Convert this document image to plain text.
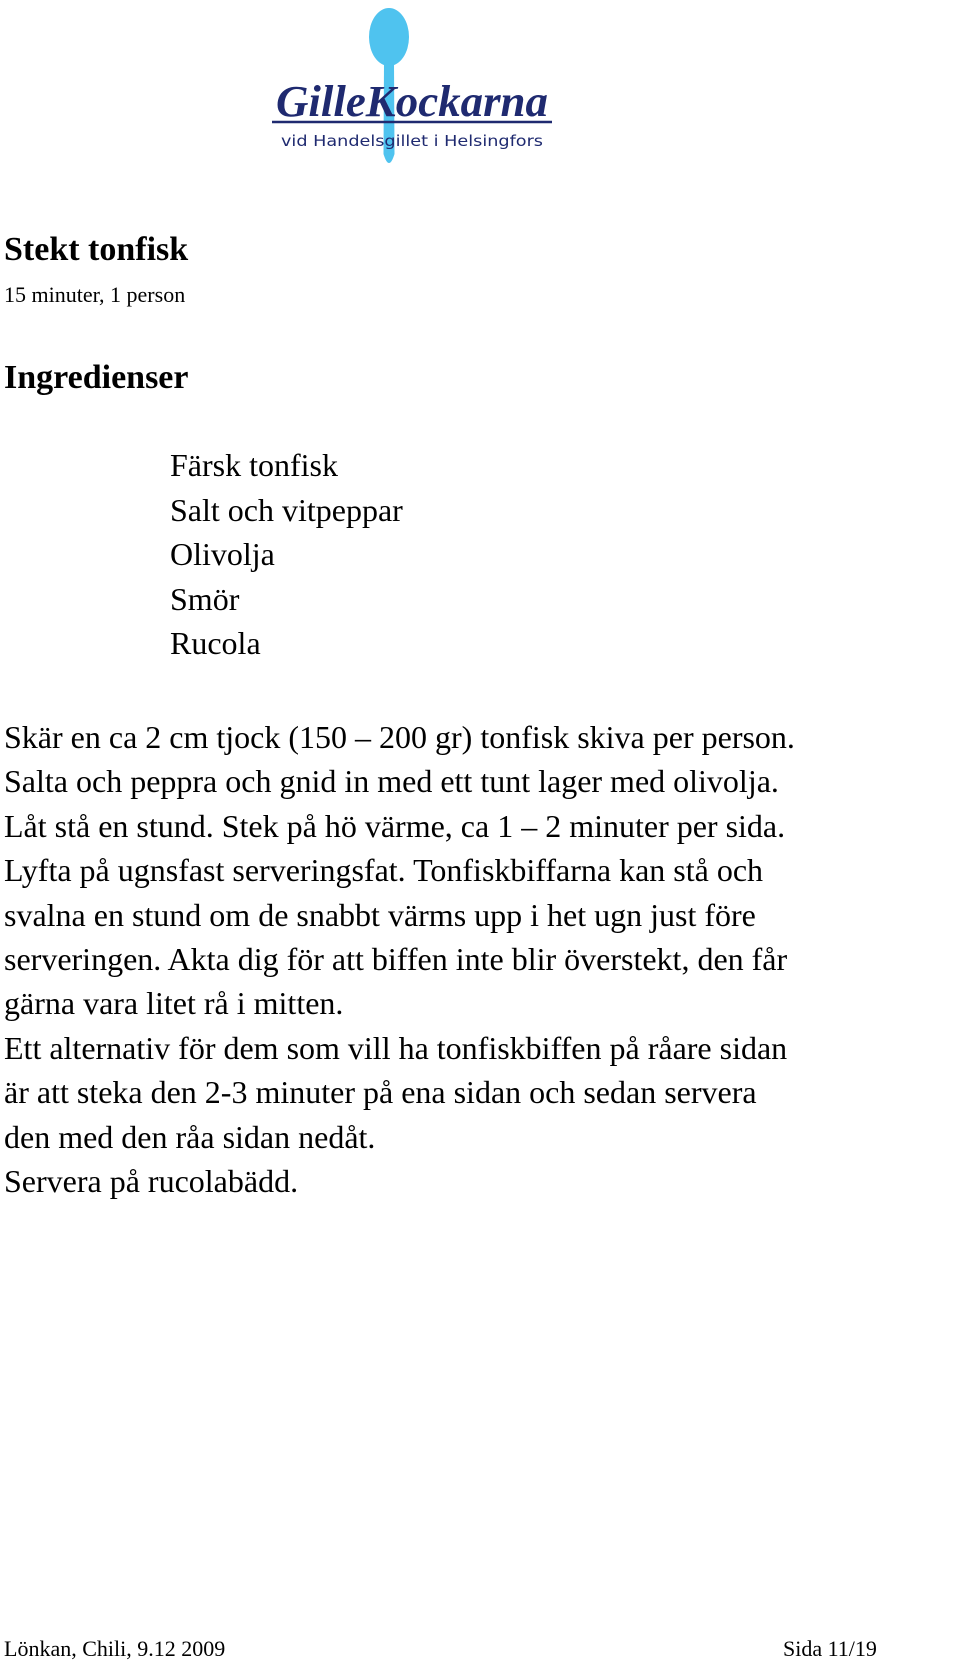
GilleKockarna
vid Handelsgillet i Helsingfors
Stekt tonfisk
15 minuter, 1 person
Ingredienser
Färsk tonfisk
Salt och vitpeppar
Olivolja
Smör
Rucola

Skär en ca 2 cm tjock (150 – 200 gr) tonfisk skiva per person.

Salta och peppra och gnid in med ett tunt lager med olivolja.

Låt stå en stund. Stek på hö värme, ca 1 – 2 minuter per sida.

Lyfta på ugnsfast serveringsfat. Tonfiskbiffarna kan stå och

svalna en stund om de snabbt värms upp i het ugn just före

serveringen. Akta dig för att biffen inte blir överstekt, den får

gärna vara litet rå i mitten.

Ett alternativ för dem som vill ha tonfiskbiffen på råare sidan

är att steka den 2-3 minuter på ena sidan och sedan servera

den med den råa sidan nedåt.

Servera på rucolabädd.

Lönkan, Chili, 9.12 2009	Sida 11/19
